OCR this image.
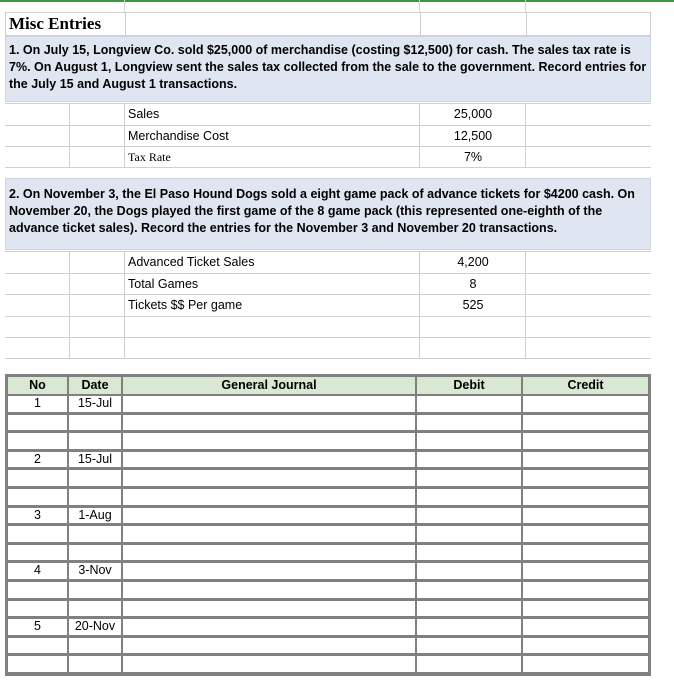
Misc Entries
1. On July 15, Longview Co. sold $25,000 of merchandise (costing $12,500) for cash. The sales tax rate is 7%. On August 1, Longview sent the sales tax collected from the sale to the government. Record entries for the July 15 and August 1 transactions.
Sales	25,000
Merchandise Cost	12,500
Tax Rate	7%
2. On November 3, the El Paso Hound Dogs sold a eight game pack of advance tickets for $4200 cash. On November 20, the Dogs played the first game of the 8 game pack (this represented one-eighth of the advance ticket sales). Record the entries for the November 3 and November 20 transactions.
Advanced Ticket Sales	4,200
Total Games	8
Tickets $$ Per game	525
No	Date	General Journal	Debit	Credit
1	15-Jul
2	15-Jul
3	1-Aug
4	3-Nov
5	20-Nov
